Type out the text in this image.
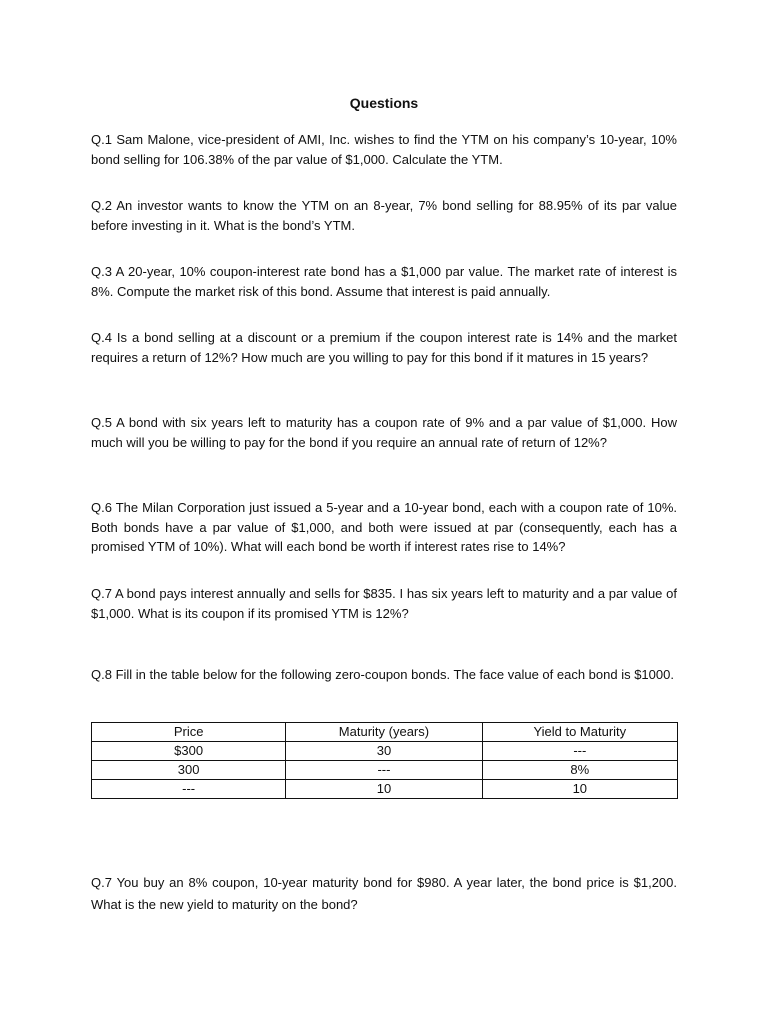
Questions

Q.1 Sam Malone, vice-president of AMI, Inc. wishes to find the YTM on his company’s 10-year, 10% bond selling for 106.38% of the par value of $1,000. Calculate the YTM.

Q.2 An investor wants to know the YTM on an 8-year, 7% bond selling for 88.95% of its par value before investing in it. What is the bond’s YTM.

Q.3 A 20-year, 10% coupon-interest rate bond has a $1,000 par value. The market rate of interest is 8%. Compute the market risk of this bond. Assume that interest is paid annually.

Q.4 Is a bond selling at a discount or a premium if the coupon interest rate is 14% and the market requires a return of 12%? How much are you willing to pay for this bond if it matures in 15 years?

Q.5 A bond with six years left to maturity has a coupon rate of 9% and a par value of $1,000. How much will you be willing to pay for the bond if you require an annual rate of return of 12%?

Q.6 The Milan Corporation just issued a 5-year and a 10-year bond, each with a coupon rate of 10%. Both bonds have a par value of $1,000, and both were issued at par (consequently, each has a promised YTM of 10%). What will each bond be worth if interest rates rise to 14%?

Q.7 A bond pays interest annually and sells for $835. I has six years left to maturity and a par value of $1,000. What is its coupon if its promised YTM is 12%?

Q.8 Fill in the table below for the following zero-coupon bonds. The face value of each bond is $1000.

Price	Maturity (years)	Yield to Maturity
$300	30	---
300	---	8%
---	10	10

Q.7 You buy an 8% coupon, 10-year maturity bond for $980. A year later, the bond price is $1,200. What is the new yield to maturity on the bond?
